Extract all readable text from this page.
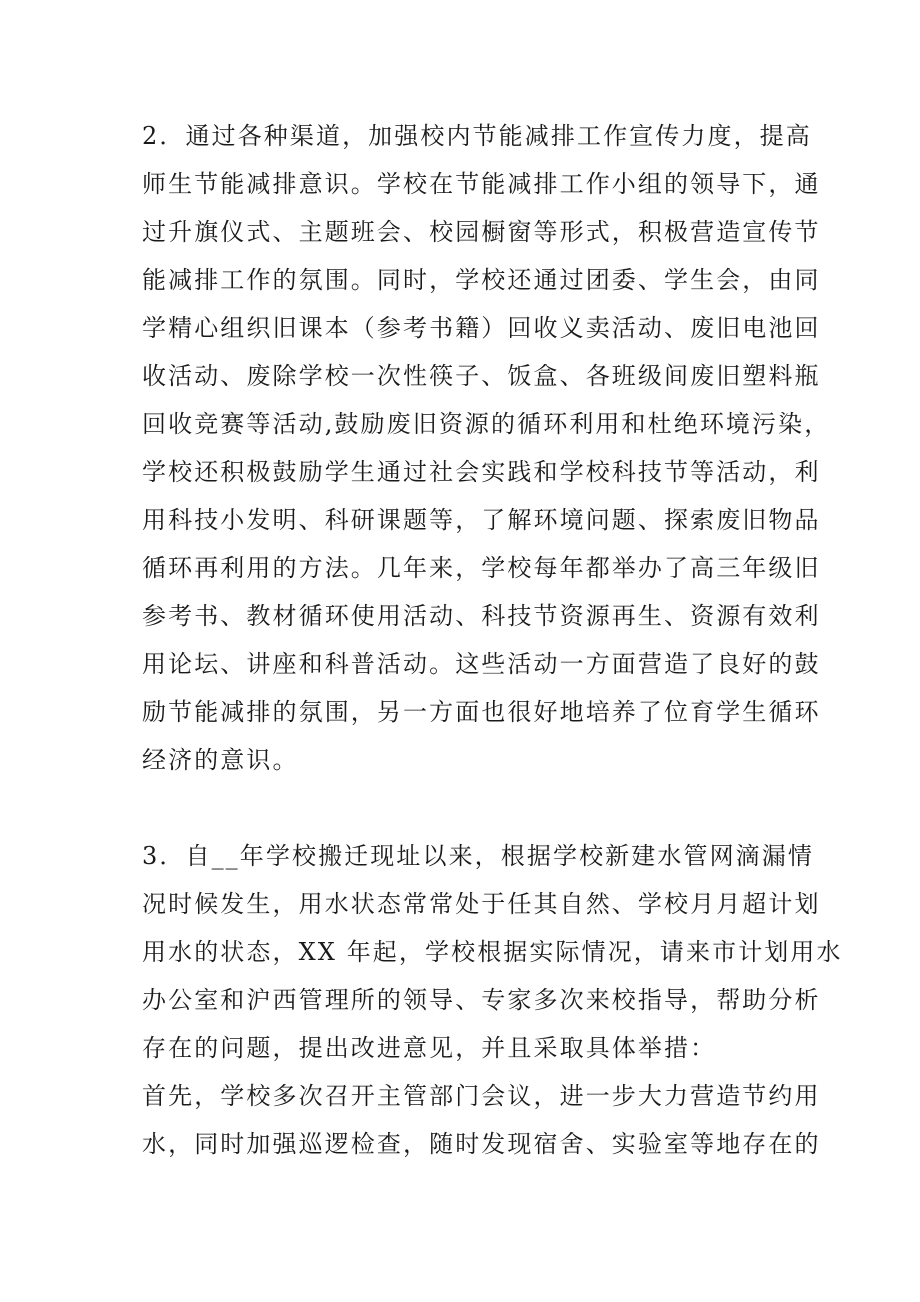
2．通过各种渠道，加强校内节能减排工作宣传力度，提高
师生节能减排意识。学校在节能减排工作小组的领导下，通
过升旗仪式、主题班会、校园橱窗等形式，积极营造宣传节
能减排工作的氛围。同时，学校还通过团委、学生会，由同
学精心组织旧课本（参考书籍）回收义卖活动、废旧电池回
收活动、废除学校一次性筷子、饭盒、各班级间废旧塑料瓶
回收竞赛等活动,鼓励废旧资源的循环利用和杜绝环境污染，
学校还积极鼓励学生通过社会实践和学校科技节等活动，利
用科技小发明、科研课题等，了解环境问题、探索废旧物品
循环再利用的方法。几年来，学校每年都举办了高三年级旧
参考书、教材循环使用活动、科技节资源再生、资源有效利
用论坛、讲座和科普活动。这些活动一方面营造了良好的鼓
励节能减排的氛围，另一方面也很好地培养了位育学生循环
经济的意识。
3．自__年学校搬迁现址以来，根据学校新建水管网滴漏情
况时候发生，用水状态常常处于任其自然、学校月月超计划
用水的状态，XX 年起，学校根据实际情况，请来市计划用水
办公室和沪西管理所的领导、专家多次来校指导，帮助分析
存在的问题，提出改进意见，并且采取具体举措：
首先，学校多次召开主管部门会议，进一步大力营造节约用
水，同时加强巡逻检查，随时发现宿舍、实验室等地存在的
